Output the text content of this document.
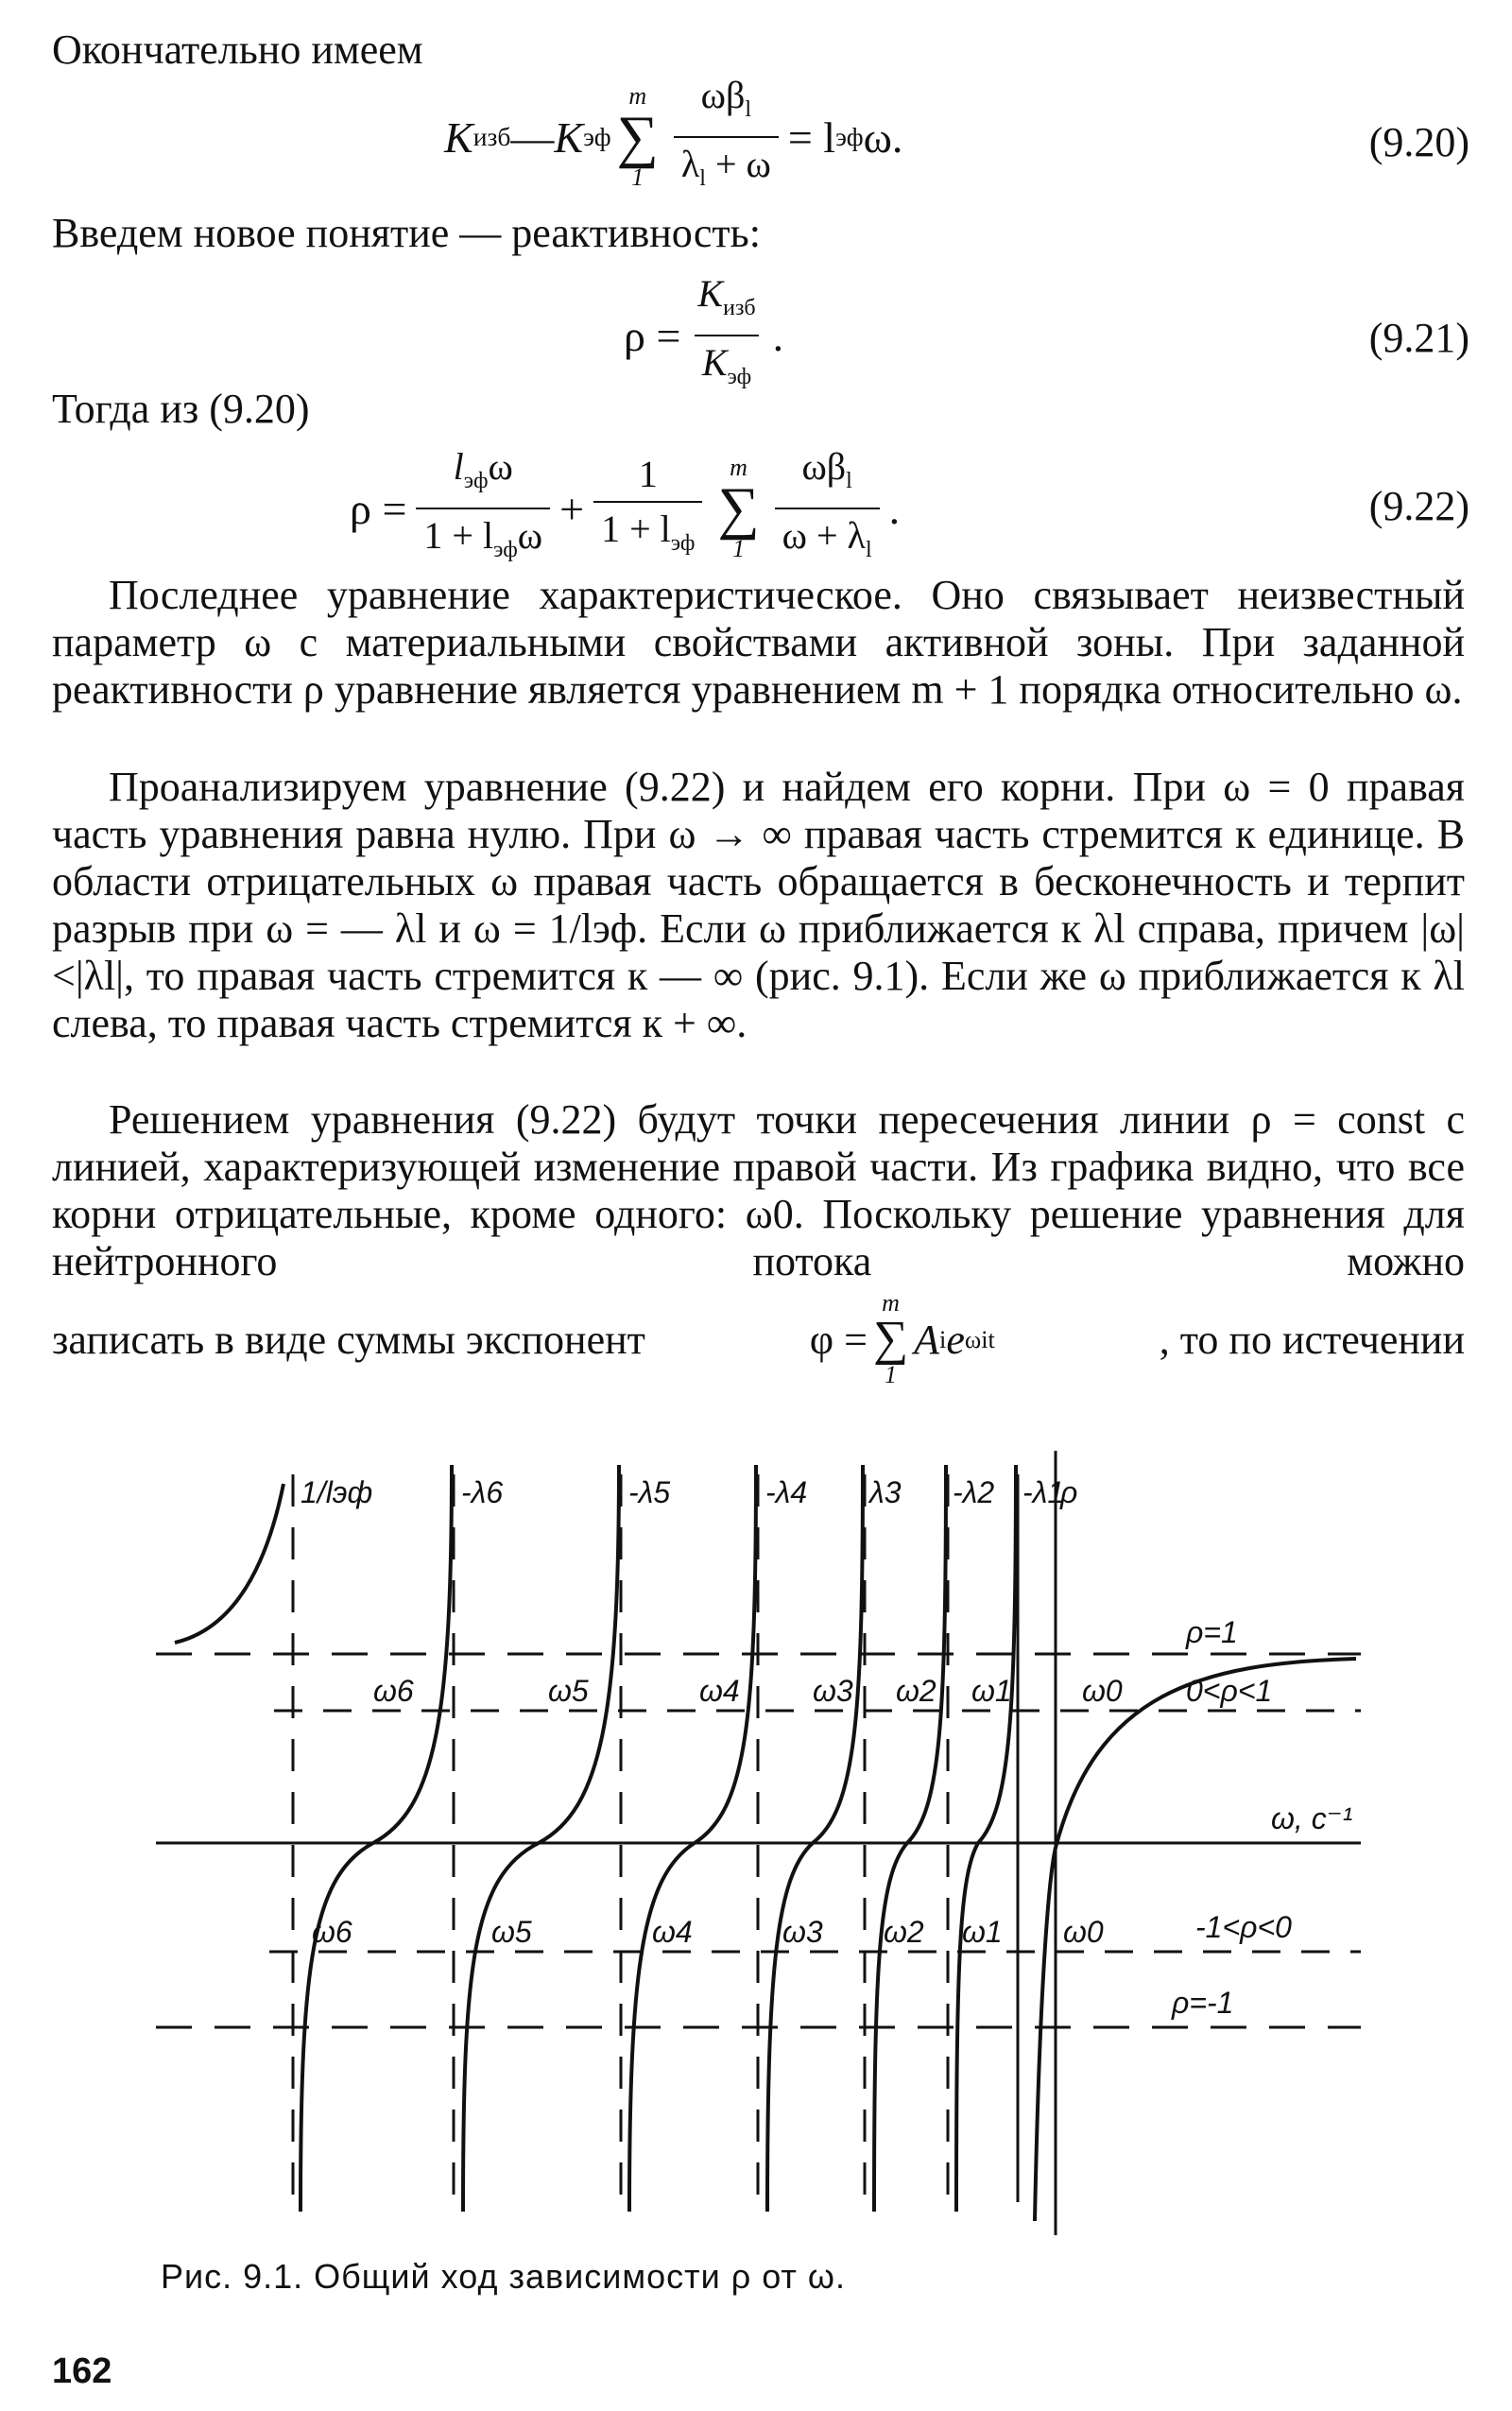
Окончательно имеем
K изб — K эф
m
∑
$1 \frac{\omega\beta_l}{\lambda_l + \omega} = l$ эф ω.	(9.20)
Введем новое понятие — реактивность:
$\rho = \frac{K_{изб}}{K_{эф}}$ .	(9.21)
Тогда из (9.20)
$\rho = \frac{l_{эф}\omega}{1 + l_{эф}\omega} + \frac{1}{1 + l_{эф}}$ m
∑
$1 \frac{\omega\beta_l}{\omega + \lambda_l}$ .	(9.22)
Последнее уравнение характеристическое. Оно связывает неизвестный параметр ω с материальными свойствами активной зоны. При заданной реактивности ρ уравнение является уравнением m + 1 порядка относительно ω.
Проанализируем уравнение (9.22) и найдем его корни. При ω = 0 правая часть уравнения равна нулю. При ω → ∞ правая часть стремится к единице. В области отрицательных ω правая часть обращается в бесконечность и терпит разрыв при ω = — λl и ω = 1/lэф. Если ω приближается к λl справа, причем |ω|<|λl|, то правая часть стремится к — ∞ (рис. 9.1). Если же ω приближается к λl слева, то правая часть стремится к + ∞.
Решением уравнения (9.22) будут точки пересечения линии ρ = const с линией, характеризующей изменение правой части. Из графика видно, что все корни отрицательные, кроме одного: ω0. Поскольку решение уравнения для нейтронного потока можно
записать в виде суммы экспонент	φ =
m
∑
1
A i e ωit	, то по истечении
1/lэф	-λ6	-λ5	-λ4 λ3 -λ2 -λ1
ρ
ρ=1
0<ρ<1
ω, c⁻¹
-1<ρ<0
ρ=-1
ω6	ω5	ω4 ω3 ω2 ω1 ω0
ω6	ω5	ω4	ω3 ω2 ω1 ω0
Рис. 9.1. Общий ход зависимости ρ от ω.
162
